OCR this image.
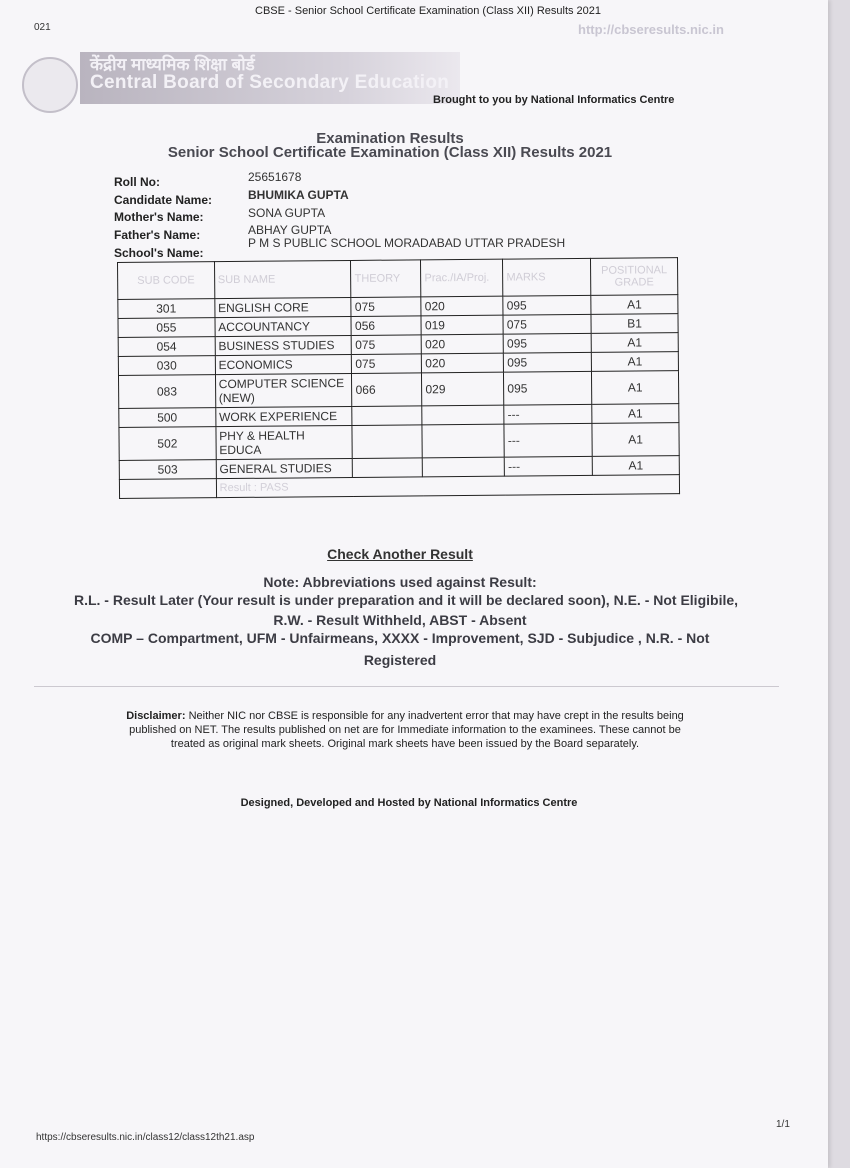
021
CBSE - Senior School Certificate Examination (Class XII) Results 2021
http://cbseresults.nic.in
केंद्रीय माध्यमिक शिक्षा बोर्ड
Central Board of Secondary Education
Brought to you by National Informatics Centre
Examination Results
Senior School Certificate Examination (Class XII) Results 2021
Roll No:	25651678
Candidate Name:	BHUMIKA GUPTA
Mother's Name:	SONA GUPTA
Father's Name:	ABHAY GUPTA
School's Name:
P M S PUBLIC SCHOOL MORADABAD UTTAR PRADESH
SUB CODE	SUB NAME	THEORY	Prac./IA/Proj.	MARKS	POSITIONAL
GRADE
301	ENGLISH CORE	075	020	095	A1
055	ACCOUNTANCY	056	019	075	B1
054	BUSINESS STUDIES	075	020	095	A1
030	ECONOMICS	075	020	095	A1
083	COMPUTER SCIENCE (NEW)	066	029	095	A1
500	WORK EXPERIENCE			---	A1
502	PHY & HEALTH EDUCA			---	A1
503	GENERAL STUDIES			---	A1
	Result : PASS				
Check Another Result
Note: Abbreviations used against Result:
R.L. - Result Later (Your result is under preparation and it will be declared soon), N.E. - Not Eligibile,
R.W. - Result Withheld, ABST - Absent
COMP – Compartment, UFM - Unfairmeans, XXXX - Improvement, SJD - Subjudice , N.R. - Not
Registered
Disclaimer: Neither NIC nor CBSE is responsible for any inadvertent error that may have crept in the results being published on NET. The results published on net are for Immediate information to the examinees. These cannot be treated as original mark sheets. Original mark sheets have been issued by the Board separately.
Designed, Developed and Hosted by National Informatics Centre
https://cbseresults.nic.in/class12/class12th21.asp
1/1
